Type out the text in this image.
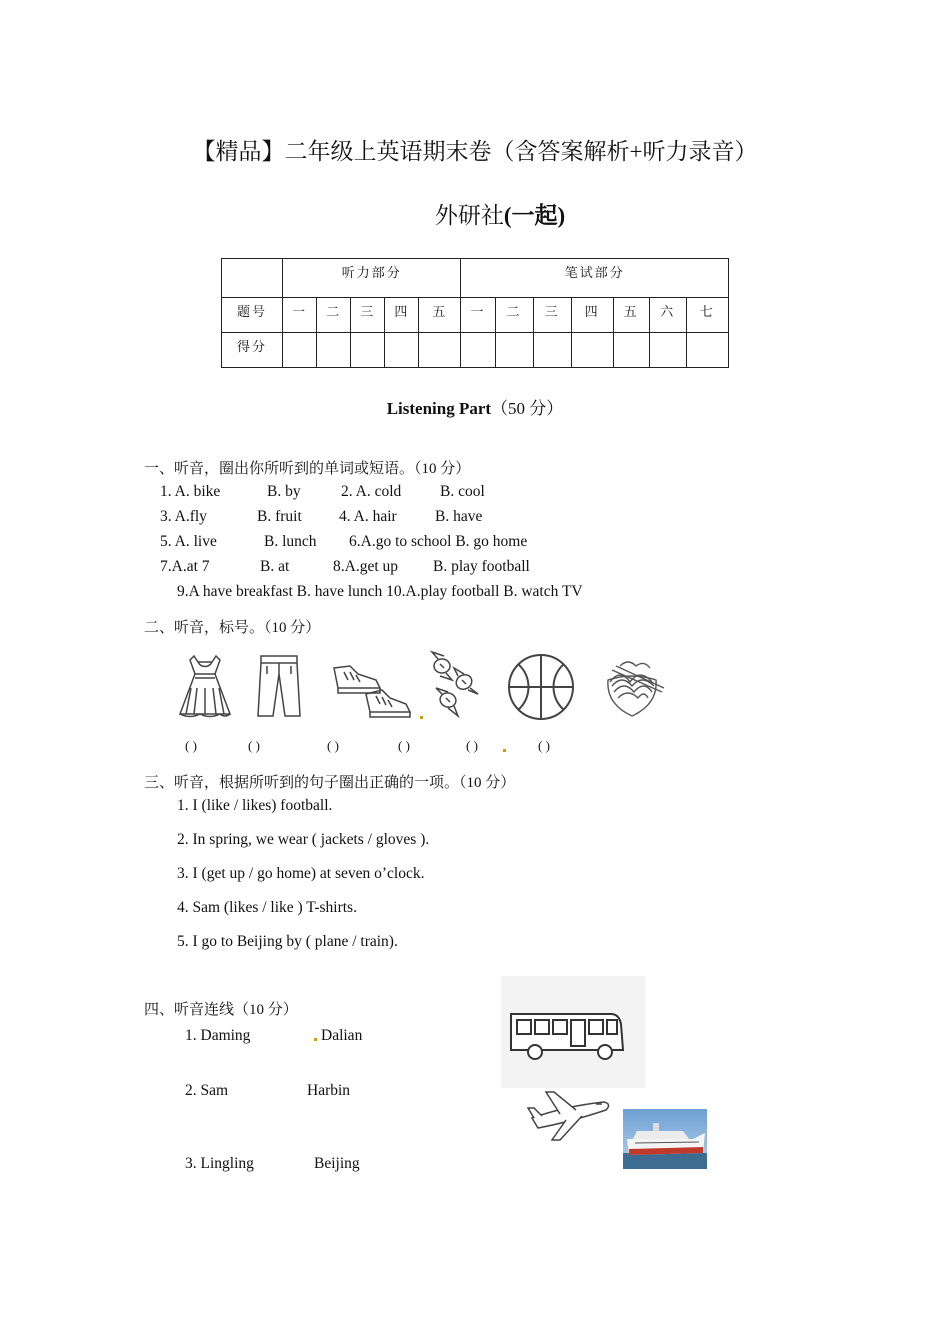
【精品】二年级上英语期末卷（含答案解析+听力录音）
外研社(一起)
	听力部分					笔试部分						
题号	一	二	三	四	五	一	二	三	四	五	六	七
得分												
Listening Part（50 分）
一、听音，圈出你所听到的单词或短语。（10 分）
1. A. bike	B. by	2. A. cold B. cool
3. A.fly	B. fruit 4. A. hair B. have
5. A. live	B. lunch 6.A.go to school B. go home
7.A.at 7	B. at	8.A.get up B. play football
9.A have breakfast B. have lunch 10.A.play football B. watch TV
二、听音，标号。（10 分）
( )	( )	( )	( )	( )	( )
三、听音，根据所听到的句子圈出正确的一项。（10 分）
1. I (like / likes) football.
2. In spring, we wear ( jackets / gloves ).
3. I (get up / go home) at seven o’clock.
4. Sam (likes / like ) T-shirts.
5. I go to Beijing by ( plane / train).
四、听音连线（10 分）
1. Daming	Dalian
2. Sam	Harbin
3. Lingling	Beijing
